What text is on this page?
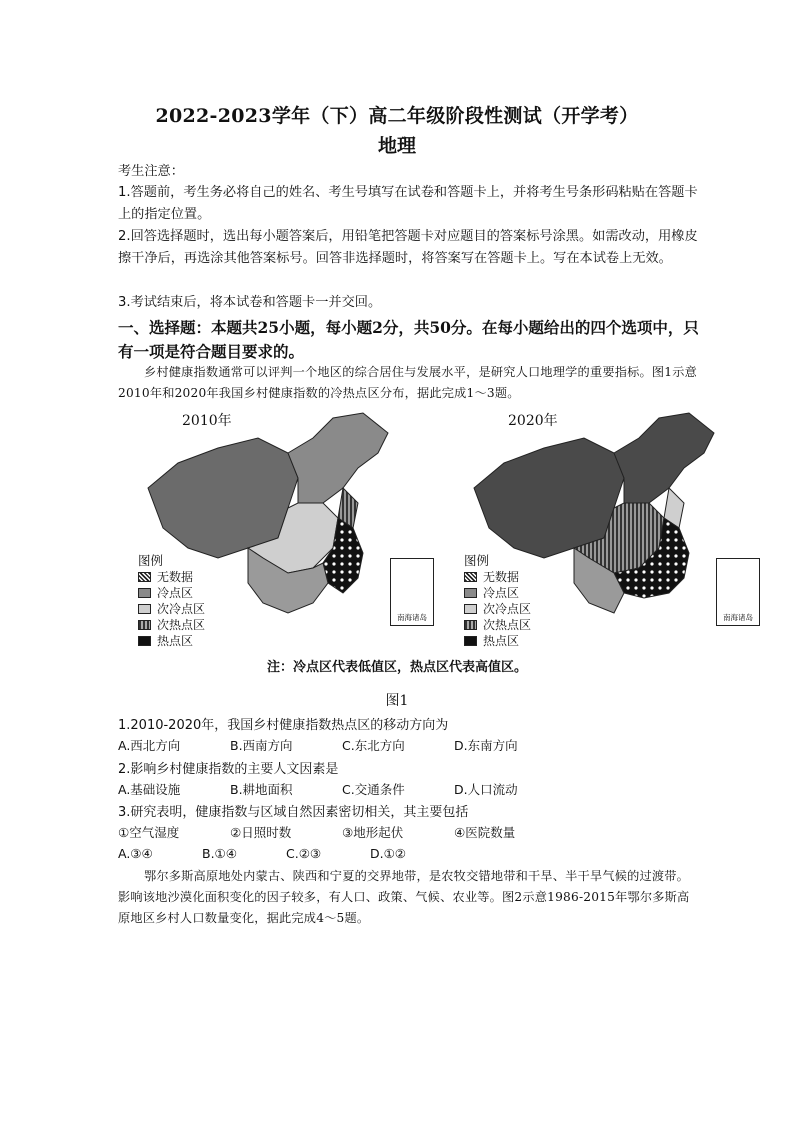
2022-2023学年（下）高二年级阶段性测试（开学考）
地理
考生注意：
1.答题前，考生务必将自己的姓名、考生号填写在试卷和答题卡上，并将考生号条形码粘贴在答题卡上的指定位置。
2.回答选择题时，选出每小题答案后，用铅笔把答题卡对应题目的答案标号涂黑。如需改动，用橡皮擦干净后，再选涂其他答案标号。回答非选择题时，将答案写在答题卡上。写在本试卷上无效。
3.考试结束后，将本试卷和答题卡一并交回。
一、选择题：本题共25小题，每小题2分，共50分。在每小题给出的四个选项中，只有一项是符合题目要求的。
乡村健康指数通常可以评判一个地区的综合居住与发展水平，是研究人口地理学的重要指标。图1示意2010年和2020年我国乡村健康指数的冷热点区分布，据此完成1～3题。
2010年
图例
无数据
冷点区
次冷点区
次热点区
热点区
南海诸岛
2020年
图例
无数据
冷点区
次冷点区
次热点区
热点区
南海诸岛
注：冷点区代表低值区，热点区代表高值区。
图1
1.2010-2020年，我国乡村健康指数热点区的移动方向为
A.西北方向	B.西南方向	C.东北方向	D.东南方向
2.影响乡村健康指数的主要人文因素是
A.基础设施	B.耕地面积	C.交通条件	D.人口流动
3.研究表明，健康指数与区域自然因素密切相关，其主要包括
①空气湿度	②日照时数	③地形起伏	④医院数量
A.③④	B.①④	C.②③	D.①②
鄂尔多斯高原地处内蒙古、陕西和宁夏的交界地带，是农牧交错地带和干旱、半干旱气候的过渡带。影响该地沙漠化面积变化的因子较多，有人口、政策、气候、农业等。图2示意1986-2015年鄂尔多斯高原地区乡村人口数量变化，据此完成4～5题。
